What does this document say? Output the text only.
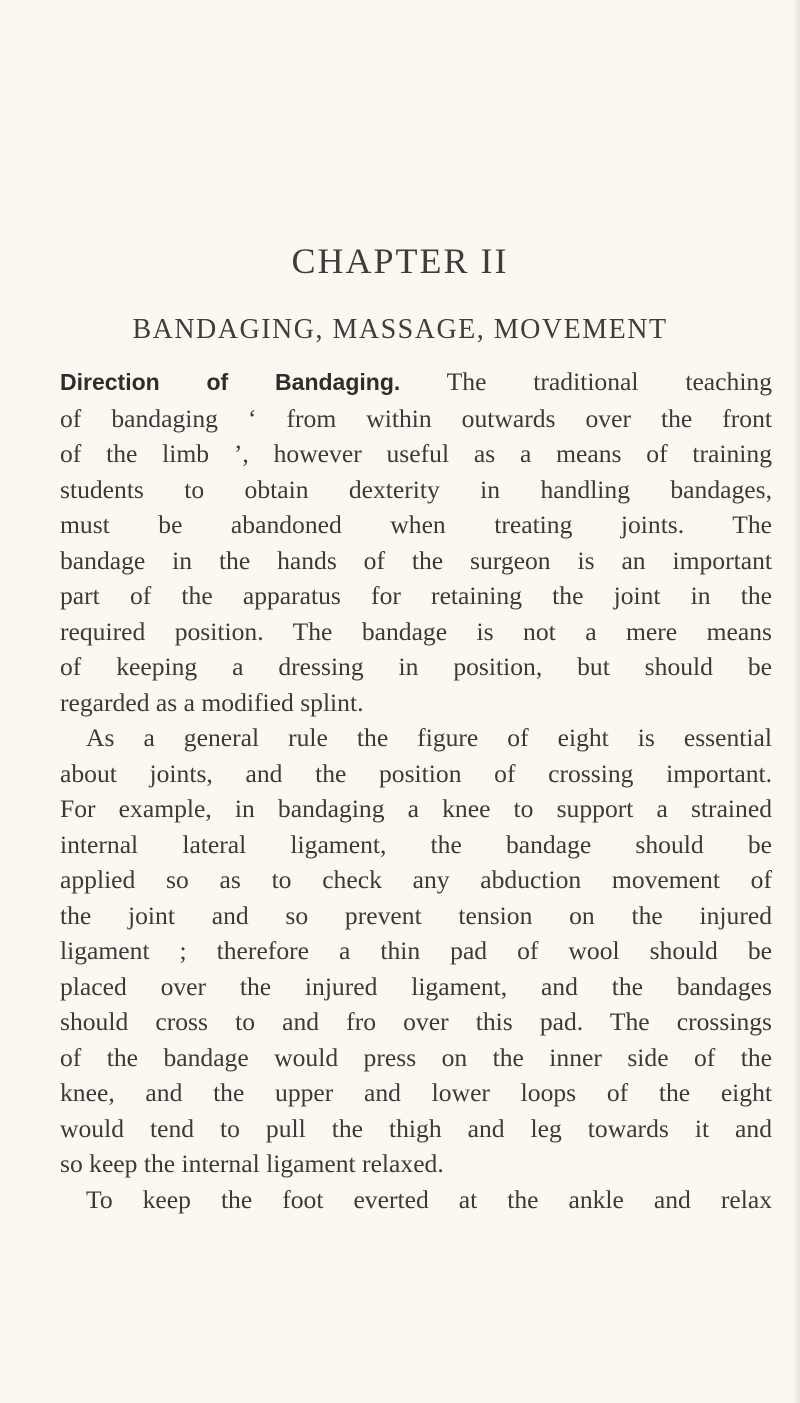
CHAPTER II
BANDAGING, MASSAGE, MOVEMENT
Direction of Bandaging. The traditional teaching
of bandaging ‘ from within outwards over the front
of the limb ’, however useful as a means of training
students to obtain dexterity in handling bandages,
must be abandoned when treating joints. The
bandage in the hands of the surgeon is an important
part of the apparatus for retaining the joint in the
required position. The bandage is not a mere means
of keeping a dressing in position, but should be
regarded as a modified splint.
As a general rule the figure of eight is essential
about joints, and the position of crossing important.
For example, in bandaging a knee to support a strained
internal lateral ligament, the bandage should be
applied so as to check any abduction movement of
the joint and so prevent tension on the injured
ligament ; therefore a thin pad of wool should be
placed over the injured ligament, and the bandages
should cross to and fro over this pad. The crossings
of the bandage would press on the inner side of the
knee, and the upper and lower loops of the eight
would tend to pull the thigh and leg towards it and
so keep the internal ligament relaxed.
To keep the foot everted at the ankle and relax
